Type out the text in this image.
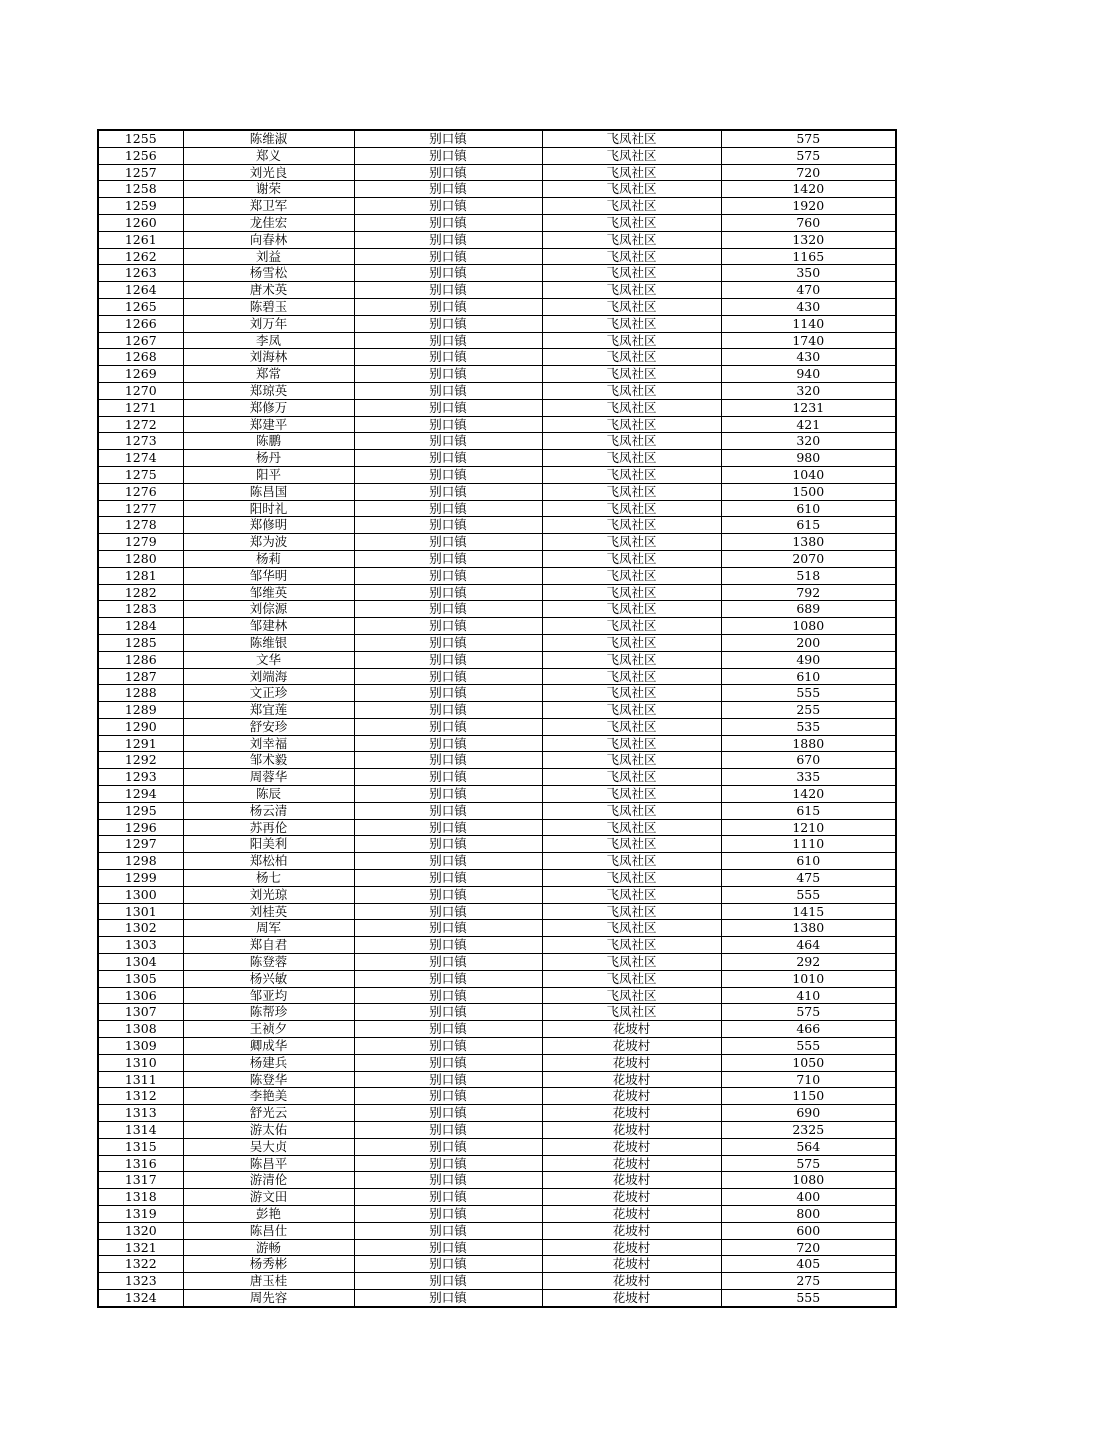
1255	陈维淑	别口镇	飞凤社区	575
1256	郑义	别口镇	飞凤社区	575
1257	刘光良	别口镇	飞凤社区	720
1258	谢荣	别口镇	飞凤社区	1420
1259	郑卫军	别口镇	飞凤社区	1920
1260	龙佳宏	别口镇	飞凤社区	760
1261	向春林	别口镇	飞凤社区	1320
1262	刘益	别口镇	飞凤社区	1165
1263	杨雪松	别口镇	飞凤社区	350
1264	唐术英	别口镇	飞凤社区	470
1265	陈碧玉	别口镇	飞凤社区	430
1266	刘万年	别口镇	飞凤社区	1140
1267	李凤	别口镇	飞凤社区	1740
1268	刘海林	别口镇	飞凤社区	430
1269	郑常	别口镇	飞凤社区	940
1270	郑琼英	别口镇	飞凤社区	320
1271	郑修万	别口镇	飞凤社区	1231
1272	郑建平	别口镇	飞凤社区	421
1273	陈鹏	别口镇	飞凤社区	320
1274	杨丹	别口镇	飞凤社区	980
1275	阳平	别口镇	飞凤社区	1040
1276	陈昌国	别口镇	飞凤社区	1500
1277	阳时礼	别口镇	飞凤社区	610
1278	郑修明	别口镇	飞凤社区	615
1279	郑为波	别口镇	飞凤社区	1380
1280	杨莉	别口镇	飞凤社区	2070
1281	邹华明	别口镇	飞凤社区	518
1282	邹维英	别口镇	飞凤社区	792
1283	刘倧源	别口镇	飞凤社区	689
1284	邹建林	别口镇	飞凤社区	1080
1285	陈维银	别口镇	飞凤社区	200
1286	文华	别口镇	飞凤社区	490
1287	刘端海	别口镇	飞凤社区	610
1288	文正珍	别口镇	飞凤社区	555
1289	郑宜莲	别口镇	飞凤社区	255
1290	舒安珍	别口镇	飞凤社区	535
1291	刘幸福	别口镇	飞凤社区	1880
1292	邹术毅	别口镇	飞凤社区	670
1293	周蓉华	别口镇	飞凤社区	335
1294	陈辰	别口镇	飞凤社区	1420
1295	杨云清	别口镇	飞凤社区	615
1296	苏再伦	别口镇	飞凤社区	1210
1297	阳美利	别口镇	飞凤社区	1110
1298	郑松柏	别口镇	飞凤社区	610
1299	杨七	别口镇	飞凤社区	475
1300	刘光琼	别口镇	飞凤社区	555
1301	刘桂英	别口镇	飞凤社区	1415
1302	周军	别口镇	飞凤社区	1380
1303	郑自君	别口镇	飞凤社区	464
1304	陈登蓉	别口镇	飞凤社区	292
1305	杨兴敏	别口镇	飞凤社区	1010
1306	邹亚均	别口镇	飞凤社区	410
1307	陈帮珍	别口镇	飞凤社区	575
1308	王祯夕	别口镇	花坡村	466
1309	卿成华	别口镇	花坡村	555
1310	杨建兵	别口镇	花坡村	1050
1311	陈登华	别口镇	花坡村	710
1312	李艳美	别口镇	花坡村	1150
1313	舒光云	别口镇	花坡村	690
1314	游太佑	别口镇	花坡村	2325
1315	吴大贞	别口镇	花坡村	564
1316	陈昌平	别口镇	花坡村	575
1317	游清伦	别口镇	花坡村	1080
1318	游文田	别口镇	花坡村	400
1319	彭艳	别口镇	花坡村	800
1320	陈昌仕	别口镇	花坡村	600
1321	游畅	别口镇	花坡村	720
1322	杨秀彬	别口镇	花坡村	405
1323	唐玉桂	别口镇	花坡村	275
1324	周先容	别口镇	花坡村	555
